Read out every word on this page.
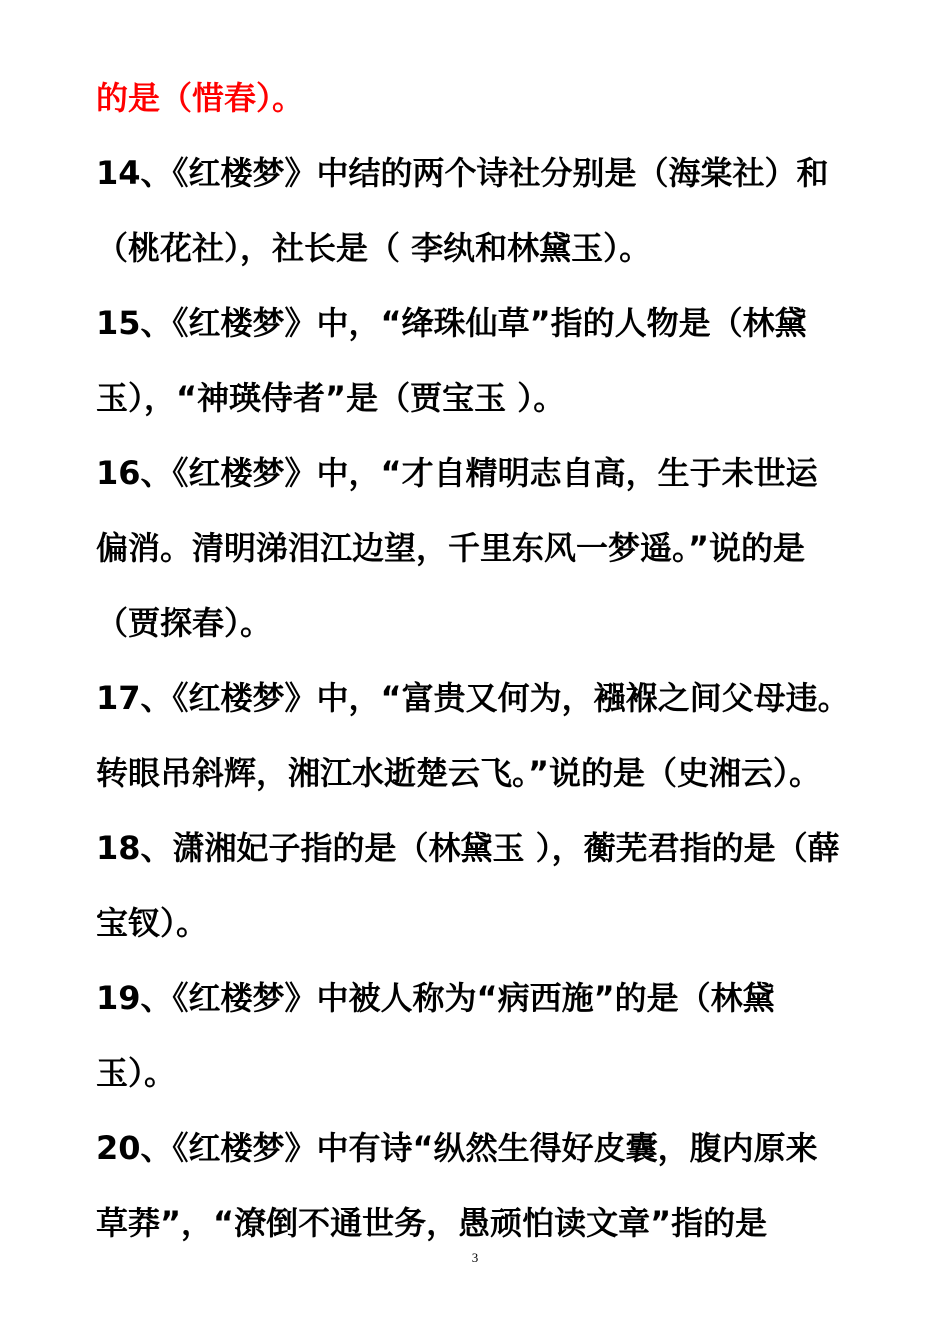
的是（惜春）。
14、《红楼梦》中结的两个诗社分别是（海棠社）和
（桃花社），社长是（ 李纨和林黛玉）。
15、《红楼梦》中，“绛珠仙草”指的人物是（林黛
玉），“神瑛侍者”是（贾宝玉 ）。
16、《红楼梦》中，“才自精明志自高，生于未世运
偏消。清明涕泪江边望，千里东风一梦遥。”说的是
（贾探春）。
17、《红楼梦》中，“富贵又何为，襁褓之间父母违。
转眼吊斜辉，湘江水逝楚云飞。”说的是（史湘云）。
18、潇湘妃子指的是（林黛玉 ），蘅芜君指的是（薛
宝钗）。
19、《红楼梦》中被人称为“病西施”的是（林黛
玉）。
20、《红楼梦》中有诗“纵然生得好皮囊，腹内原来
草莽”，“潦倒不通世务，愚顽怕读文章”指的是
3
